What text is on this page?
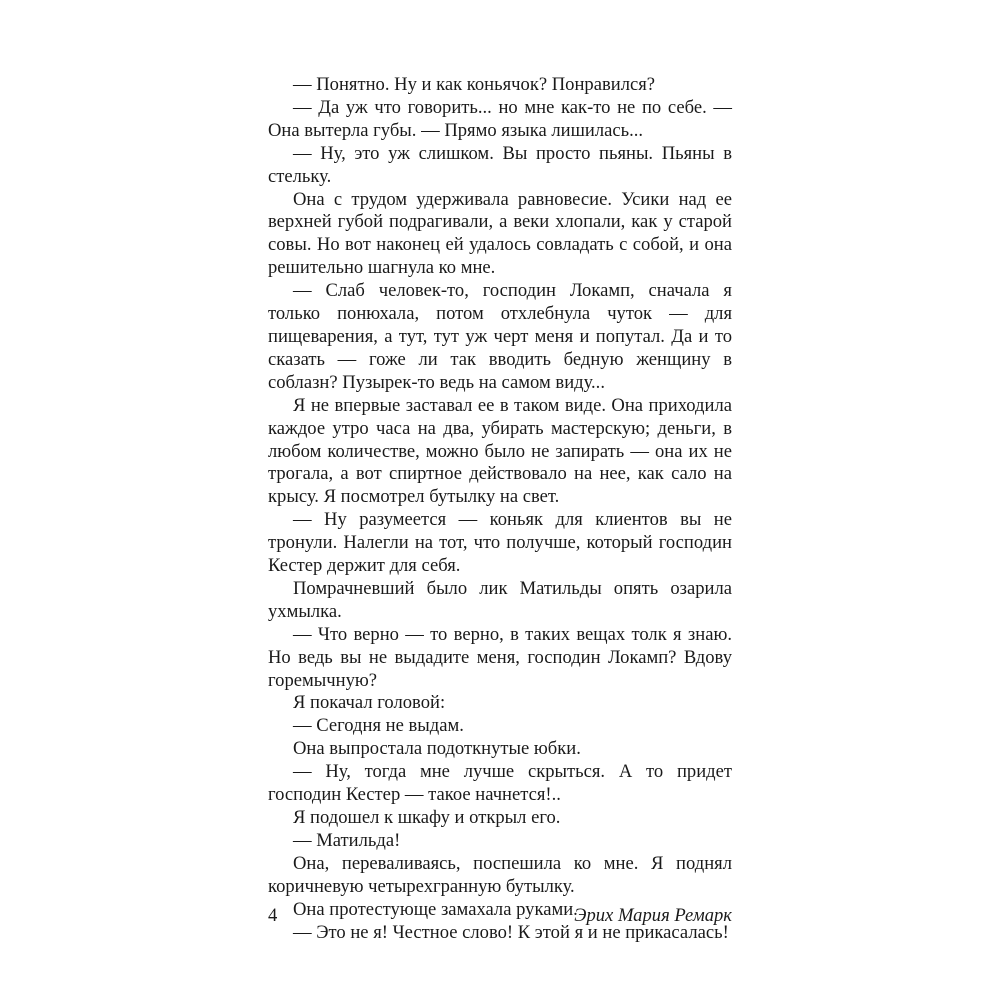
— Понятно. Ну и как коньячок? Понравился?

— Да уж что говорить... но мне как-то не по себе. — Она вытерла губы. — Прямо языка лишилась...

— Ну, это уж слишком. Вы просто пьяны. Пьяны в стельку.

Она с трудом удерживала равновесие. Усики над ее верхней губой подрагивали, а веки хлопали, как у старой совы. Но вот наконец ей удалось совладать с собой, и она решительно шагнула ко мне.

— Слаб человек-то, господин Локамп, сначала я только понюхала, потом отхлебнула чуток — для пищеварения, а тут, тут уж черт меня и попутал. Да и то сказать — гоже ли так вводить бедную женщину в соблазн? Пузырек-то ведь на самом виду...

Я не впервые заставал ее в таком виде. Она приходила каждое утро часа на два, убирать мастерскую; деньги, в любом количестве, можно было не запирать — она их не трогала, а вот спиртное действовало на нее, как сало на крысу. Я посмотрел бутылку на свет.

— Ну разумеется — коньяк для клиентов вы не тронули. Налегли на тот, что получше, который господин Кестер держит для себя.

Помрачневший было лик Матильды опять озарила ухмылка.

— Что верно — то верно, в таких вещах толк я знаю. Но ведь вы не выдадите меня, господин Локамп? Вдову горемычную?

Я покачал головой:

— Сегодня не выдам.

Она выпростала подоткнутые юбки.

— Ну, тогда мне лучше скрыться. А то придет господин Кестер — такое начнется!..

Я подошел к шкафу и открыл его.

— Матильда!

Она, переваливаясь, поспешила ко мне. Я поднял коричневую четырехгранную бутылку.

Она протестующе замахала руками.

— Это не я! Честное слово! К этой я и не прикасалась!

4	Эрих Мария Ремарк
